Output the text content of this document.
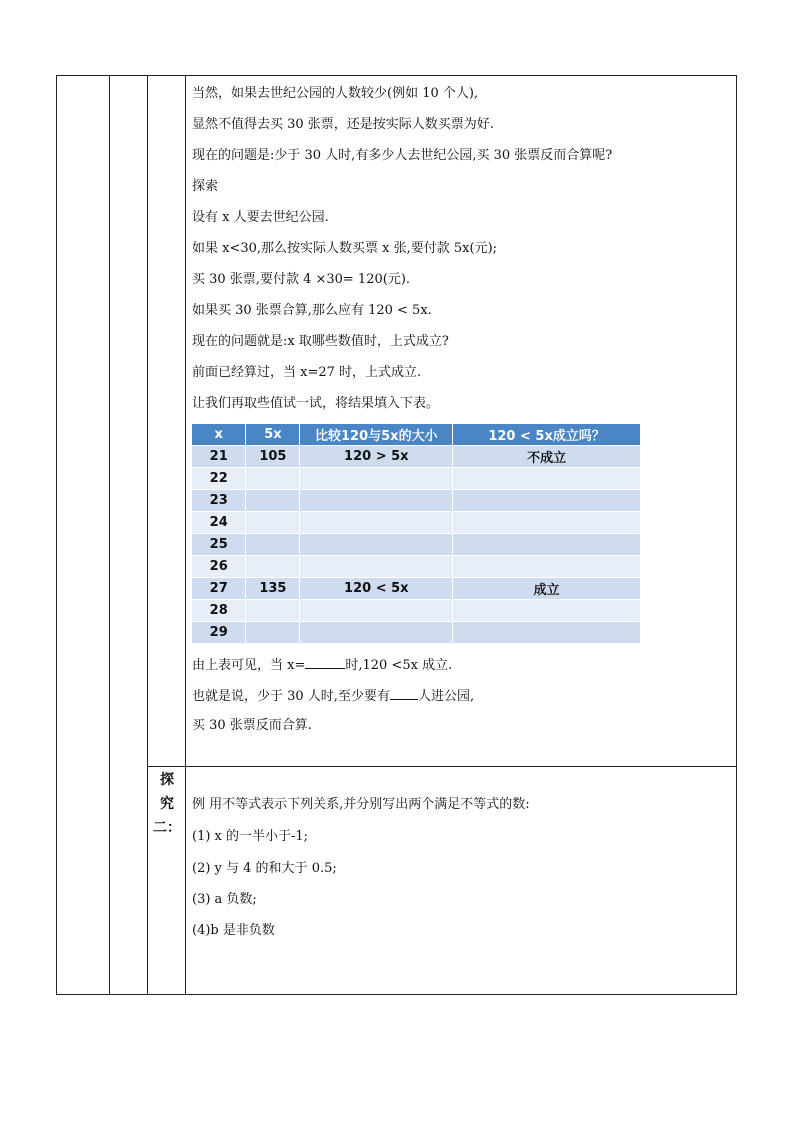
当然，如果去世纪公园的人数较少(例如 10 个人),
显然不值得去买 30 张票，还是按实际人数买票为好.
现在的问题是:少于 30 人时,有多少人去世纪公园,买 30 张票反而合算呢?
探索
设有 x 人要去世纪公园.
如果 x<30,那么按实际人数买票 x 张,要付款 5x(元);
买 30 张票,要付款 4 ×30= 120(元).
如果买 30 张票合算,那么应有 120 < 5x.
现在的问题就是:x 取哪些数值时，上式成立?
前面已经算过，当 x=27 时，上式成立.
让我们再取些值试一试，将结果填入下表。
x	5x	比较120与5x的大小	120 < 5x成立吗？
21	105	120 > 5x	不成立
22			
23			
24			
25			
26			
27	135	120 < 5x	成立
28			
29			
由上表可见，当 x=	时,120 <5x 成立.
也就是说，少于 30 人时,至少要有 人进公园,
买 30 张票反而合算.
探
究
二：
例 用不等式表示下列关系,并分别写出两个满足不等式的数:
(1) x 的一半小于-1;
(2) y 与 4 的和大于 0.5;
(3) a 负数;
(4)b 是非负数
